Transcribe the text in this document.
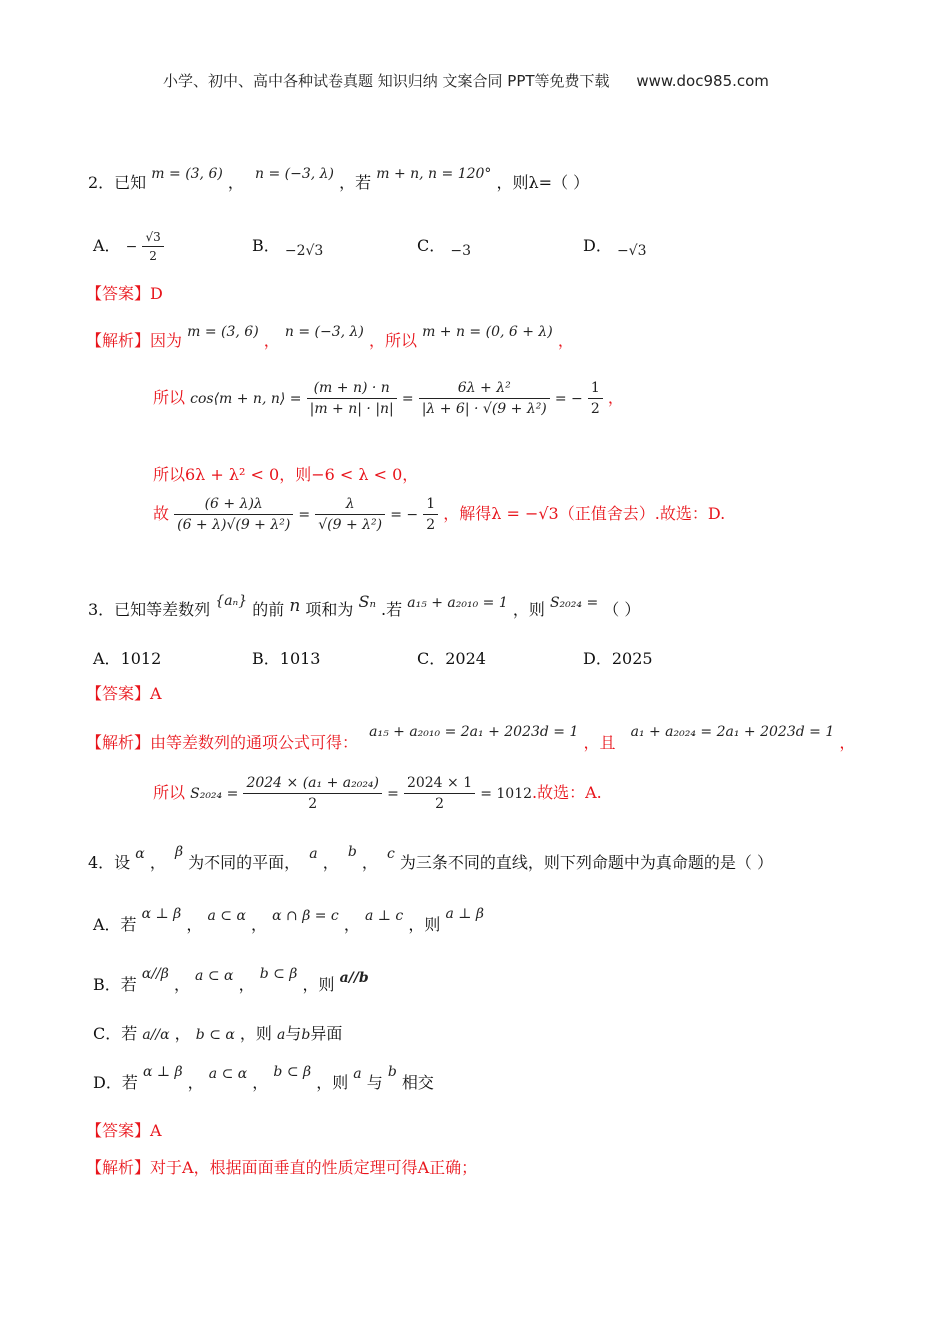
小学、初中、高中各种试卷真题 知识归纳 文案合同 PPT等免费下载 www.doc985.com
2．已知 m = (3, 6) ， n = (−3, λ) ，若 m + n, n = 120° ，则λ=（ ）
A． − $\frac{√3}{2}$	B． −2√3	C． −3	D． −√3
【答案】D
【解析】因为 m = (3, 6) ， n = (−3, λ) ，所以 m + n = (0, 6 + λ) ，
所以 cos⟨m + n, n⟩ = $\frac{(m + n) \cdot n}{|m + n| \cdot |n|} = \frac{\text{6λ + λ²}}{\text{|λ + 6| · √(9 + λ²)}}$ = − $\frac{1}{2}$ ，
所以6λ + λ² < 0，则−6 < λ < 0，
故 $\frac{(6 + \lambda)\lambda}{\text{(6 + λ)√(9 + λ²)}} = \frac{\lambda}{\text{√(9 + λ²)}}$ = − $\frac{1}{2}$ ，解得λ = −√3（正值舍去）.故选：D.
3．已知等差数列 {aₙ} 的前 n 项和为 Sₙ .若 a₁₅ + a₂₀₁₀ = 1 ，则 S₂₀₂₄ = （ ）
A．1012	B．1013	C．2024	D．2025
【答案】A
【解析】由等差数列的通项公式可得： a₁₅ + a₂₀₁₀ = 2a₁ + 2023d = 1 ，且 a₁ + a₂₀₂₄ = 2a₁ + 2023d = 1 ，
所以 $S_{2024} = \frac{\text{2024 × (a₁ + a₂₀₂₄)}}{2} = \frac{2024 \times 1}{2} = 1012$.故选：A.
4．设 α ， β 为不同的平面， a ， b ， c 为三条不同的直线，则下列命题中为真命题的是（ ）
A．若 α ⊥ β ， a ⊂ α ， α ∩ β = c ， a ⊥ c ，则 a ⊥ β
B．若 α//β ， a ⊂ α ， b ⊂ β ，则 a//b
C．若 a//α ， b ⊂ α ，则 a与b异面
D．若 α ⊥ β ， a ⊂ α ， b ⊂ β ，则 a 与 b 相交
【答案】A
【解析】对于A，根据面面垂直的性质定理可得A正确；
